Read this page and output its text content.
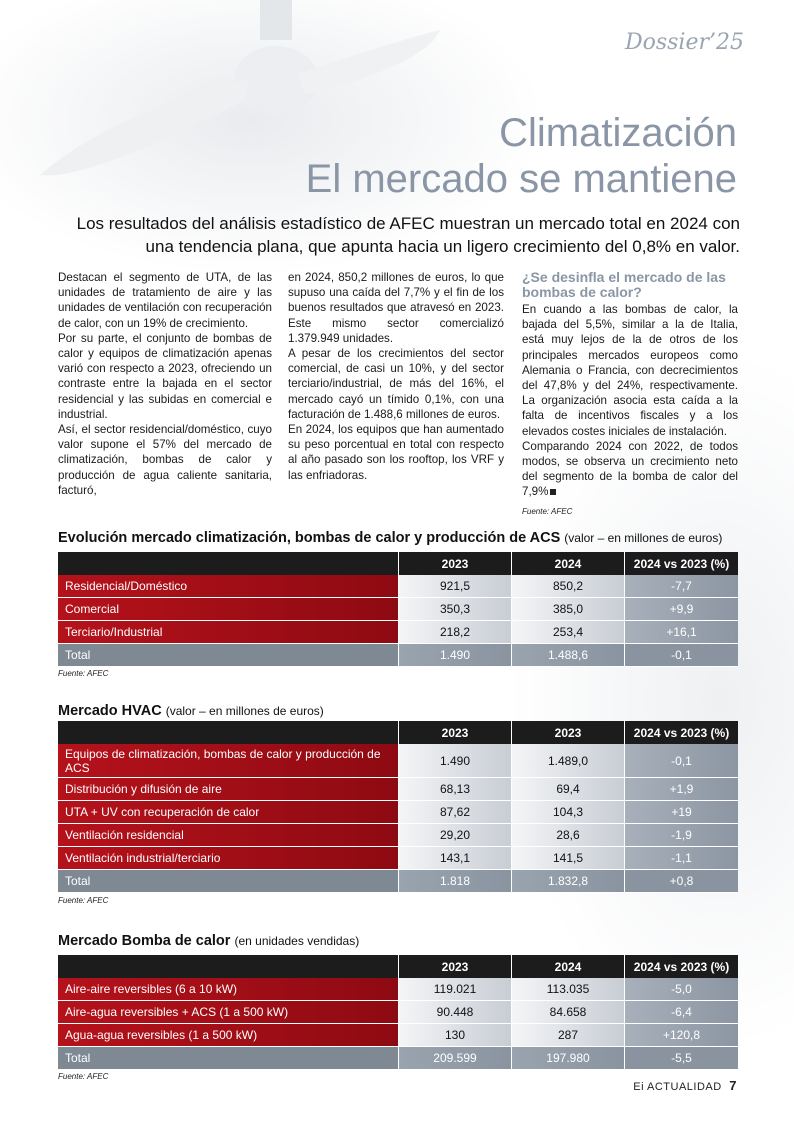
Dossier’25
Climatización
El mercado se mantiene

Los resultados del análisis estadístico de AFEC muestran un mercado total en 2024 con una tendencia plana, que apunta hacia un ligero crecimiento del 0,8% en valor.

Destacan el segmento de UTA, de las unidades de tratamiento de aire y las unidades de ventilación con recuperación de calor, con un 19% de crecimiento.

Por su parte, el conjunto de bombas de calor y equipos de climatización apenas varió con respecto a 2023, ofreciendo un contraste entre la bajada en el sector residencial y las subidas en comercial e industrial.

Así, el sector residencial/doméstico, cuyo valor supone el 57% del mercado de climatización, bombas de calor y producción de agua caliente sanitaria, facturó,

en 2024, 850,2 millones de euros, lo que supuso una caída del 7,7% y el fin de los buenos resultados que atravesó en 2023. Este mismo sector comercializó 1.379.949 unidades.

A pesar de los crecimientos del sector comercial, de casi un 10%, y del sector terciario/industrial, de más del 16%, el mercado cayó un tímido 0,1%, con una facturación de 1.488,6 millones de euros.

En 2024, los equipos que han aumentado su peso porcentual en total con respecto al año pasado son los rooftop, los VRF y las enfriadoras.

¿Se desinfla el mercado de las bombas de calor?

En cuando a las bombas de calor, la bajada del 5,5%, similar a la de Italia, está muy lejos de la de otros de los principales mercados europeos como Alemania o Francia, con decrecimientos del 47,8% y del 24%, respectivamente. La organización asocia esta caída a la falta de incentivos fiscales y a los elevados costes iniciales de instalación.

Comparando 2024 con 2022, de todos modos, se observa un crecimiento neto del segmento de la bomba de calor del 7,9%

Fuente: AFEC
Evolución mercado climatización, bombas de calor y producción de ACS (valor – en millones de euros)
	2023	2024	2024 vs 2023 (%)
Residencial/Doméstico	921,5	850,2	-7,7
Comercial	350,3	385,0	+9,9
Terciario/Industrial	218,2	253,4	+16,1
Total	1.490	1.488,6	-0,1
Fuente: AFEC
Mercado HVAC (valor – en millones de euros)
	2023	2023	2024 vs 2023 (%)
Equipos de climatización, bombas de calor y producción de ACS	1.490	1.489,0	-0,1
Distribución y difusión de aire	68,13	69,4	+1,9
UTA + UV con recuperación de calor	87,62	104,3	+19
Ventilación residencial	29,20	28,6	-1,9
Ventilación industrial/terciario	143,1	141,5	-1,1
Total	1.818	1.832,8	+0,8
Fuente: AFEC
Mercado Bomba de calor (en unidades vendidas)
	2023	2024	2024 vs 2023 (%)
Aire-aire reversibles (6 a 10 kW)	119.021	113.035	-5,0
Aire-agua reversibles + ACS (1 a 500 kW)	90.448	84.658	-6,4
Agua-agua reversibles (1 a 500 kW)	130	287	+120,8
Total	209.599	197.980	-5,5
Fuente: AFEC
Ei ACTUALIDAD 7
